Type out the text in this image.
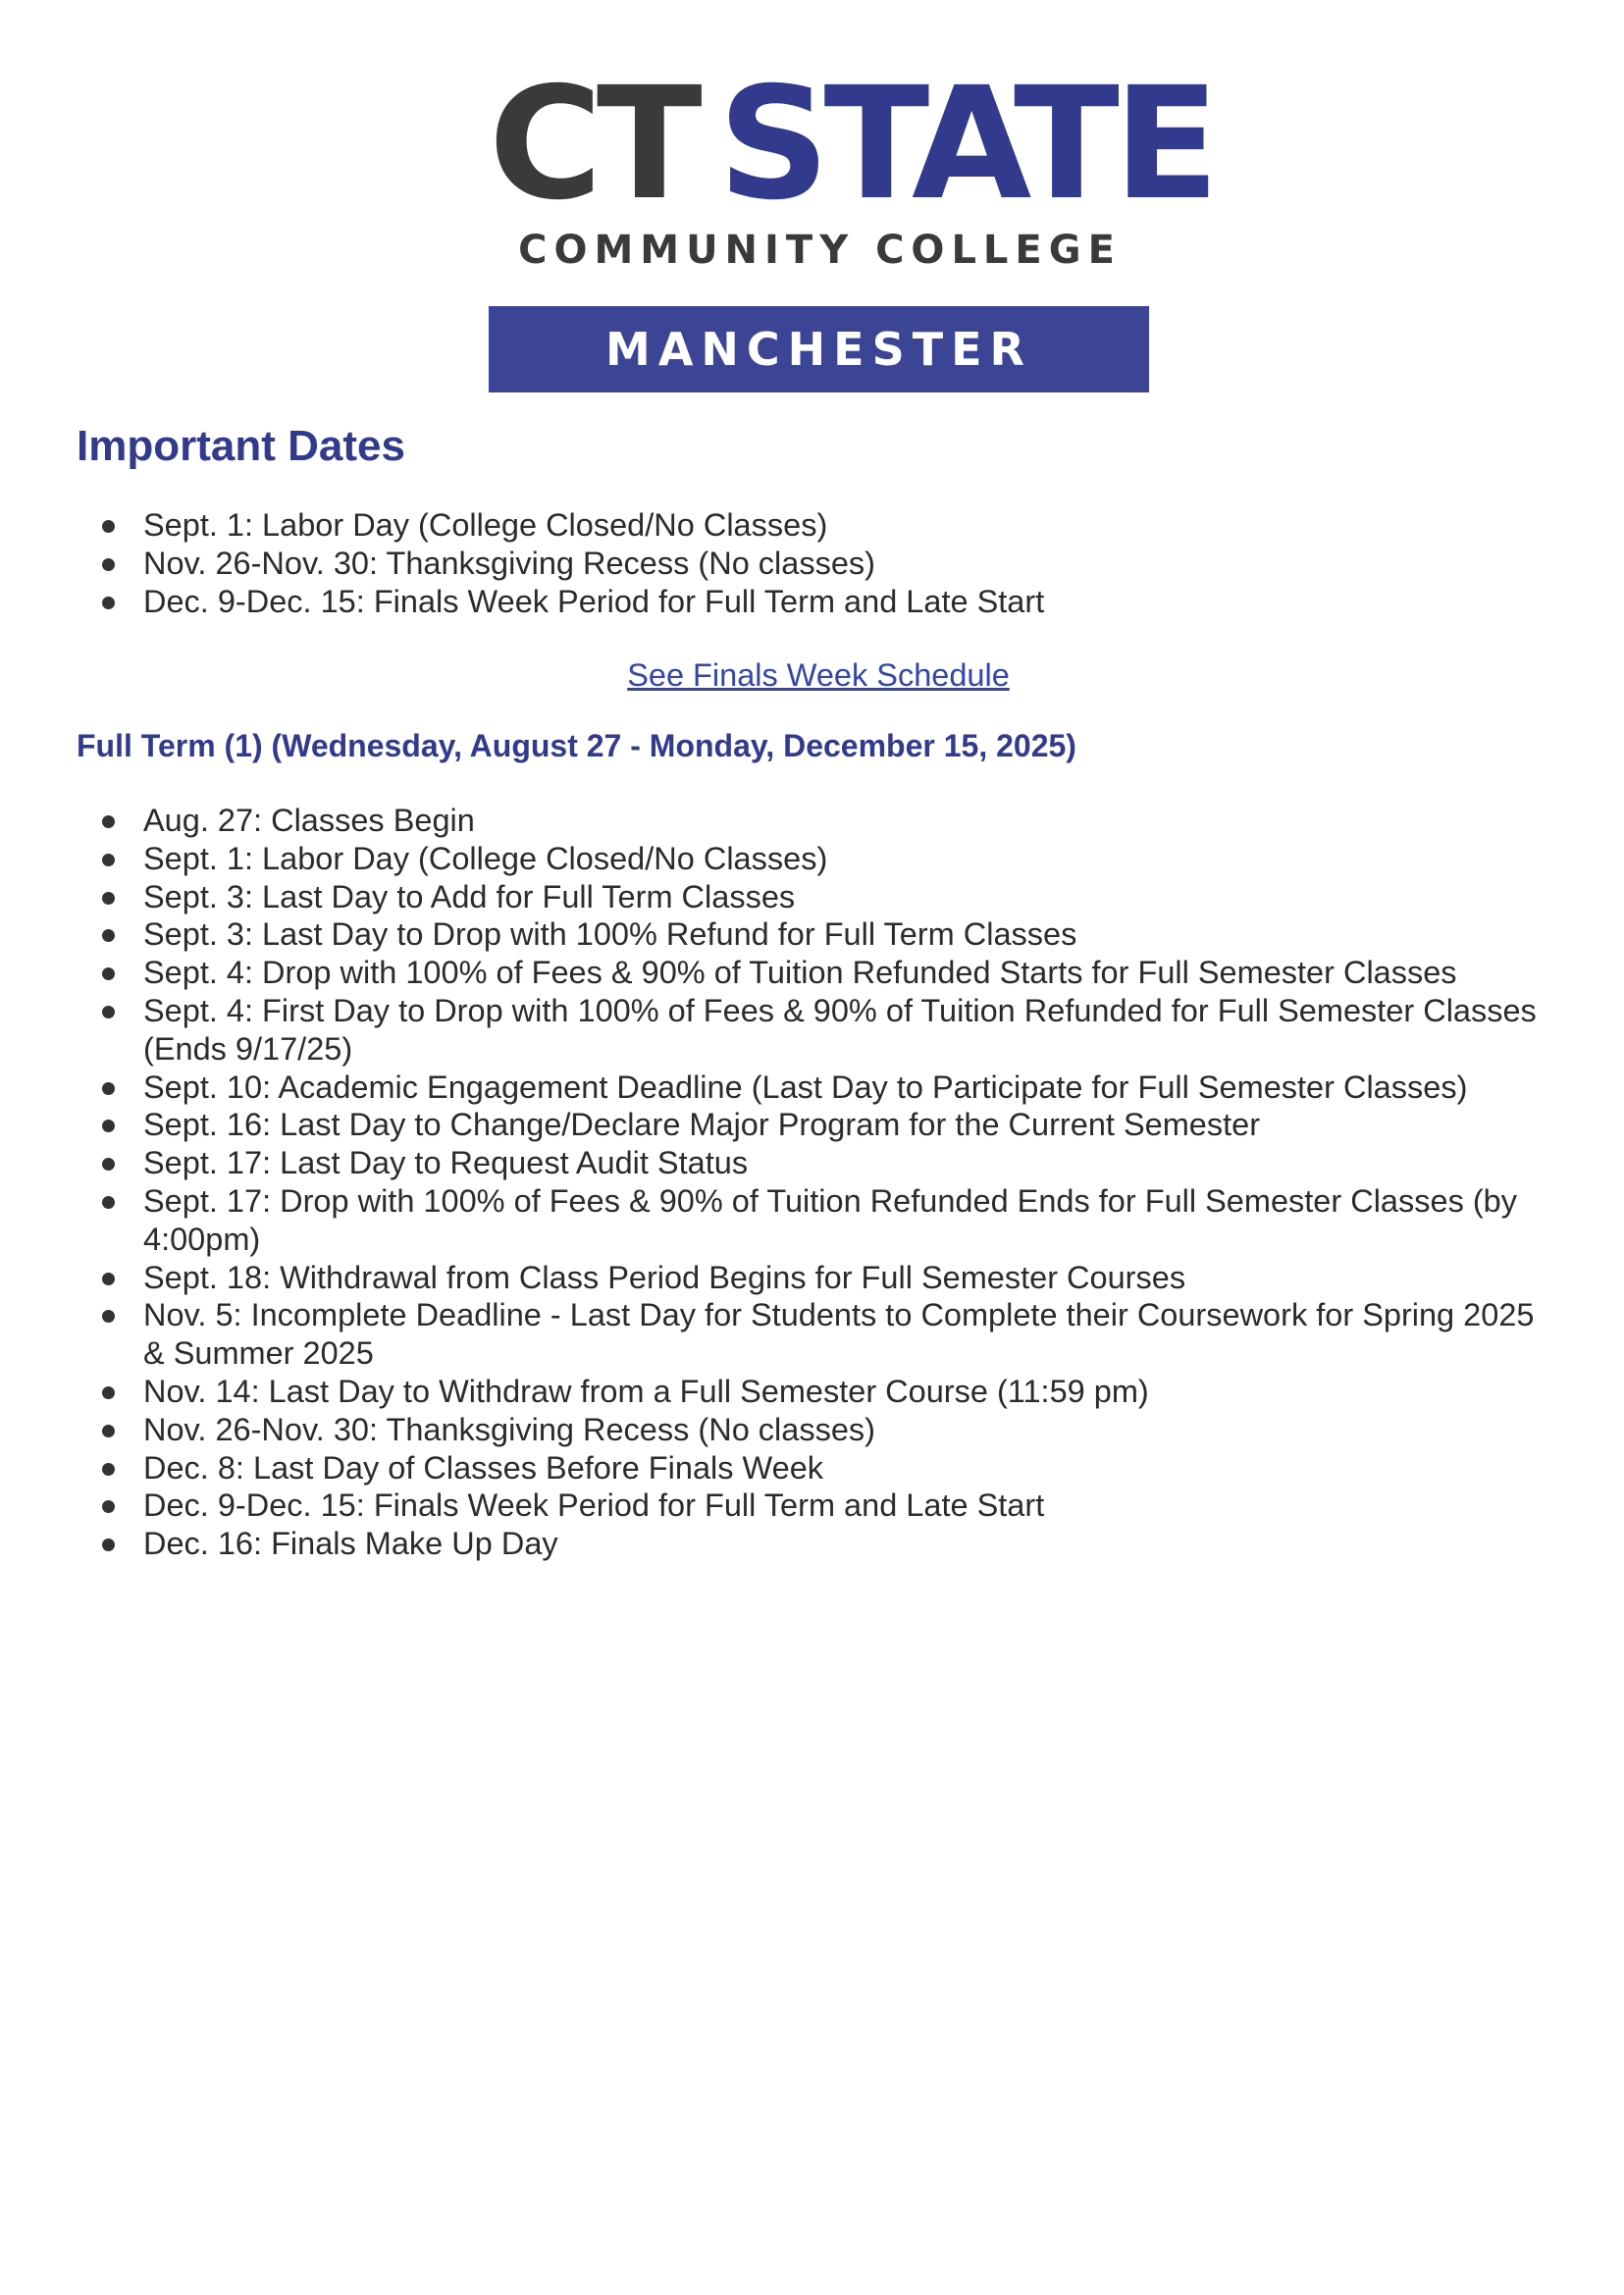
CT STATE
COMMUNITY COLLEGE
MANCHESTER
Important Dates
Sept. 1: Labor Day (College Closed/No Classes)
Nov. 26-Nov. 30: Thanksgiving Recess (No classes)
Dec. 9-Dec. 15: Finals Week Period for Full Term and Late Start
See Finals Week Schedule
Full Term (1) (Wednesday, August 27 - Monday, December 15, 2025)
Aug. 27: Classes Begin
Sept. 1: Labor Day (College Closed/No Classes)
Sept. 3: Last Day to Add for Full Term Classes
Sept. 3: Last Day to Drop with 100% Refund for Full Term Classes
Sept. 4: Drop with 100% of Fees & 90% of Tuition Refunded Starts for Full Semester Classes
Sept. 4: First Day to Drop with 100% of Fees & 90% of Tuition Refunded for Full Semester Classes (Ends 9/17/25)
Sept. 10: Academic Engagement Deadline (Last Day to Participate for Full Semester Classes)
Sept. 16: Last Day to Change/Declare Major Program for the Current Semester
Sept. 17: Last Day to Request Audit Status
Sept. 17: Drop with 100% of Fees & 90% of Tuition Refunded Ends for Full Semester Classes (by 4:00pm)
Sept. 18: Withdrawal from Class Period Begins for Full Semester Courses
Nov. 5: Incomplete Deadline - Last Day for Students to Complete their Coursework for Spring 2025 & Summer 2025
Nov. 14: Last Day to Withdraw from a Full Semester Course (11:59 pm)
Nov. 26-Nov. 30: Thanksgiving Recess (No classes)
Dec. 8: Last Day of Classes Before Finals Week
Dec. 9-Dec. 15: Finals Week Period for Full Term and Late Start
Dec. 16: Finals Make Up Day
